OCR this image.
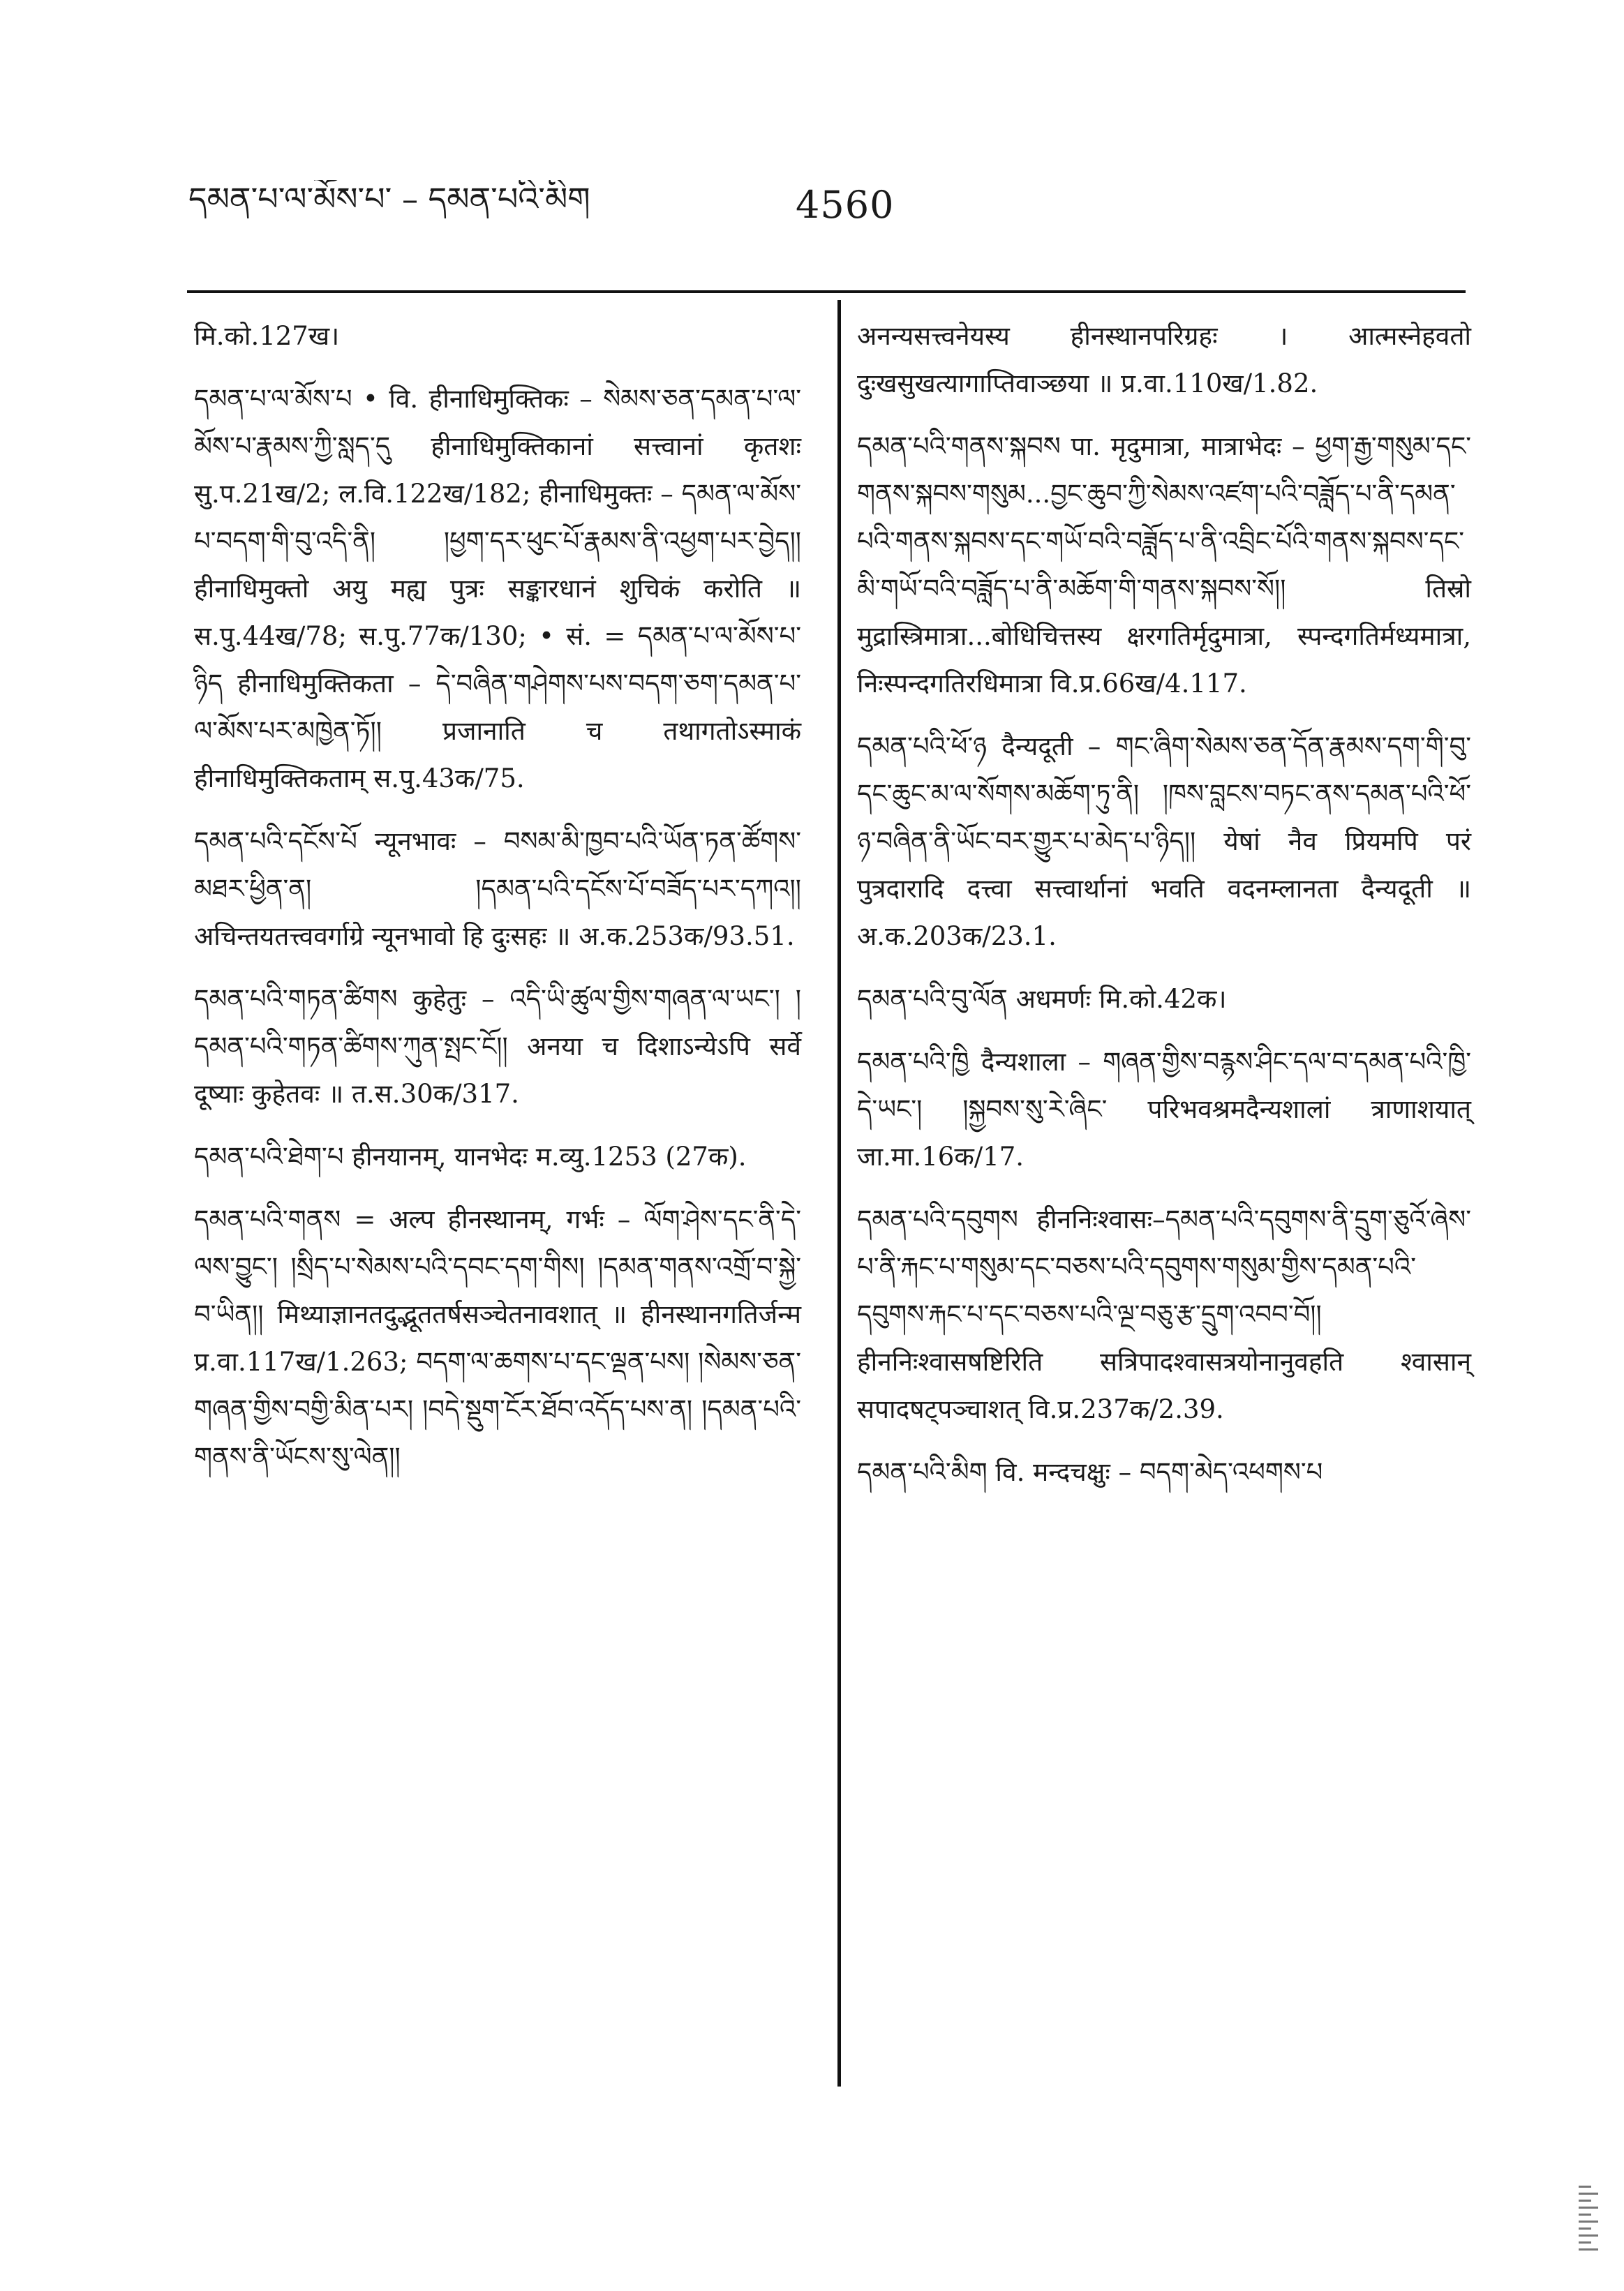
དམན་པ་ལ་མོས་པ་ – དམན་པའི་མིག	4560
मि.को.127ख।
དམན་པ་ལ་མོས་པ • वि. हीनाधिमुक्तिकः – སེམས་ཅན་དམན་པ་ལ་མོས་པ་རྣམས་ཀྱི་སླད་དུ हीनाधिमुक्तिकानां सत्त्वानां कृतशः सु.प.21ख/2; ल.वि.122ख/182; हीनाधिमुक्तः – དམན་ལ་མོས་པ་བདག་གི་བུ་འདི་ནི། །ཕྱག་དར་ཕུང་པོ་རྣམས་ནི་འཕྱག་པར་བྱེད།། हीनाधिमुक्तो अयु मह्य पुत्रः सङ्कारधानं शुचिकं करोति ॥ स.पु.44ख/78; स.पु.77क/130; • सं. = དམན་པ་ལ་མོས་པ་ཉིད हीनाधिमुक्तिकता – དེ་བཞིན་གཤེགས་པས་བདག་ཅག་དམན་པ་ལ་མོས་པར་མཁྱེན་ཏོ།། प्रजानाति च तथागतोऽस्माकं हीनाधिमुक्तिकताम् स.पु.43क/75.
དམན་པའི་དངོས་པོ न्यूनभावः – བསམ་མི་ཁྱབ་པའི་ཡོན་ཏན་ཚོགས་མཐར་ཕྱིན་ན། །དམན་པའི་དངོས་པོ་བཟོད་པར་དཀའ།། अचिन्तयतत्त्ववर्गाग्रे न्यूनभावो हि दुःसहः ॥ अ.क.253क/93.51.
དམན་པའི་གཏན་ཚིགས कुहेतुः – འདི་ཡི་ཚུལ་གྱིས་གཞན་ལ་ཡང་། །དམན་པའི་གཏན་ཚིགས་ཀུན་སྤང་ངོ།། अनया च दिशाऽन्येऽपि सर्वे दूष्याः कुहेतवः ॥ त.स.30क/317.
དམན་པའི་ཐེག་པ हीनयानम्, यानभेदः म.व्यु.1253 (27क).
དམན་པའི་གནས = अल्प हीनस्थानम्, गर्भः – ལོག་ཤེས་དང་ནི་དེ་ལས་བྱུང་། །སྲིད་པ་སེམས་པའི་དབང་དག་གིས། །དམན་གནས་འགྲོ་བ་སྐྱེ་བ་ཡིན།། मिथ्याज्ञानतदुद्भूततर्षसञ्चेतनावशात् ॥ हीनस्थानगतिर्जन्म प्र.वा.117ख/1.263; བདག་ལ་ཆགས་པ་དང་ལྡན་པས། །སེམས་ཅན་གཞན་གྱིས་བགྱི་མིན་པར། །བདེ་སྡུག་ངོར་ཐོབ་འདོད་པས་ན། །དམན་པའི་གནས་ནི་ཡོངས་སུ་ལེན།།
अनन्यसत्त्वनेयस्य हीनस्थानपरिग्रहः । आत्मस्नेहवतो दुःखसुखत्यागाप्तिवाञ्छया ॥ प्र.वा.110ख/1.82.
དམན་པའི་གནས་སྐབས पा. मृदुमात्रा, मात्राभेदः – ཕྱག་རྒྱ་གསུམ་དང་གནས་སྐབས་གསུམ...བྱང་ཆུབ་ཀྱི་སེམས་འཛག་པའི་བཟློད་པ་ནི་དམན་པའི་གནས་སྐབས་དང་གཡོ་བའི་བཟློད་པ་ནི་འབྲིང་པོའི་གནས་སྐབས་དང་མི་གཡོ་བའི་བཟློད་པ་ནི་མཆོག་གི་གནས་སྐབས་སོ།། तिस्रो मुद्रास्त्रिमात्रा...बोधिचित्तस्य क्षरगतिर्मृदुमात्रा, स्पन्दगतिर्मध्यमात्रा, निःस्पन्दगतिरधिमात्रा वि.प्र.66ख/4.117.
དམན་པའི་ཕོ་ཉ दैन्यदूती – གང་ཞིག་སེམས་ཅན་དོན་རྣམས་དག་གི་བུ་དང་ཆུང་མ་ལ་སོགས་མཆོག་ཏུ་ནི། །ཁས་བླངས་བཏང་ནས་དམན་པའི་ཕོ་ཉ་བཞིན་ནི་ཡོང་བར་གྱུར་པ་མེད་པ་ཉིད།། येषां नैव प्रियमपि परं पुत्रदारादि दत्त्वा सत्त्वार्थानां भवति वदनम्लानता दैन्यदूती ॥ अ.क.203क/23.1.
དམན་པའི་བུ་ལོན अधमर्णः मि.को.42क।
དམན་པའི་ཁྱི दैन्यशाला – གཞན་གྱིས་བརྙས་ཤིང་དལ་བ་དམན་པའི་ཁྱི་དེ་ཡང་། །སྐྱབས་སུ་རེ་ཞིང་ परिभवश्रमदैन्यशालां त्राणाशयात् जा.मा.16क/17.
དམན་པའི་དབུགས हीननिःश्वासः–དམན་པའི་དབུགས་ནི་དྲུག་ཅུའོ་ཞེས་པ་ནི་རྐང་པ་གསུམ་དང་བཅས་པའི་དབུགས་གསུམ་གྱིས་དམན་པའི་དབུགས་རྐང་པ་དང་བཅས་པའི་ལྔ་བཅུ་རྩ་དྲུག་འབབ་བོ།། हीननिःश्वासषष्टिरिति सत्रिपादश्वासत्रयोनानुवहति श्वासान् सपादषट्पञ्चाशत् वि.प्र.237क/2.39.
དམན་པའི་མིག वि. मन्दचक्षुः – བདག་མེད་འཕགས་པ
